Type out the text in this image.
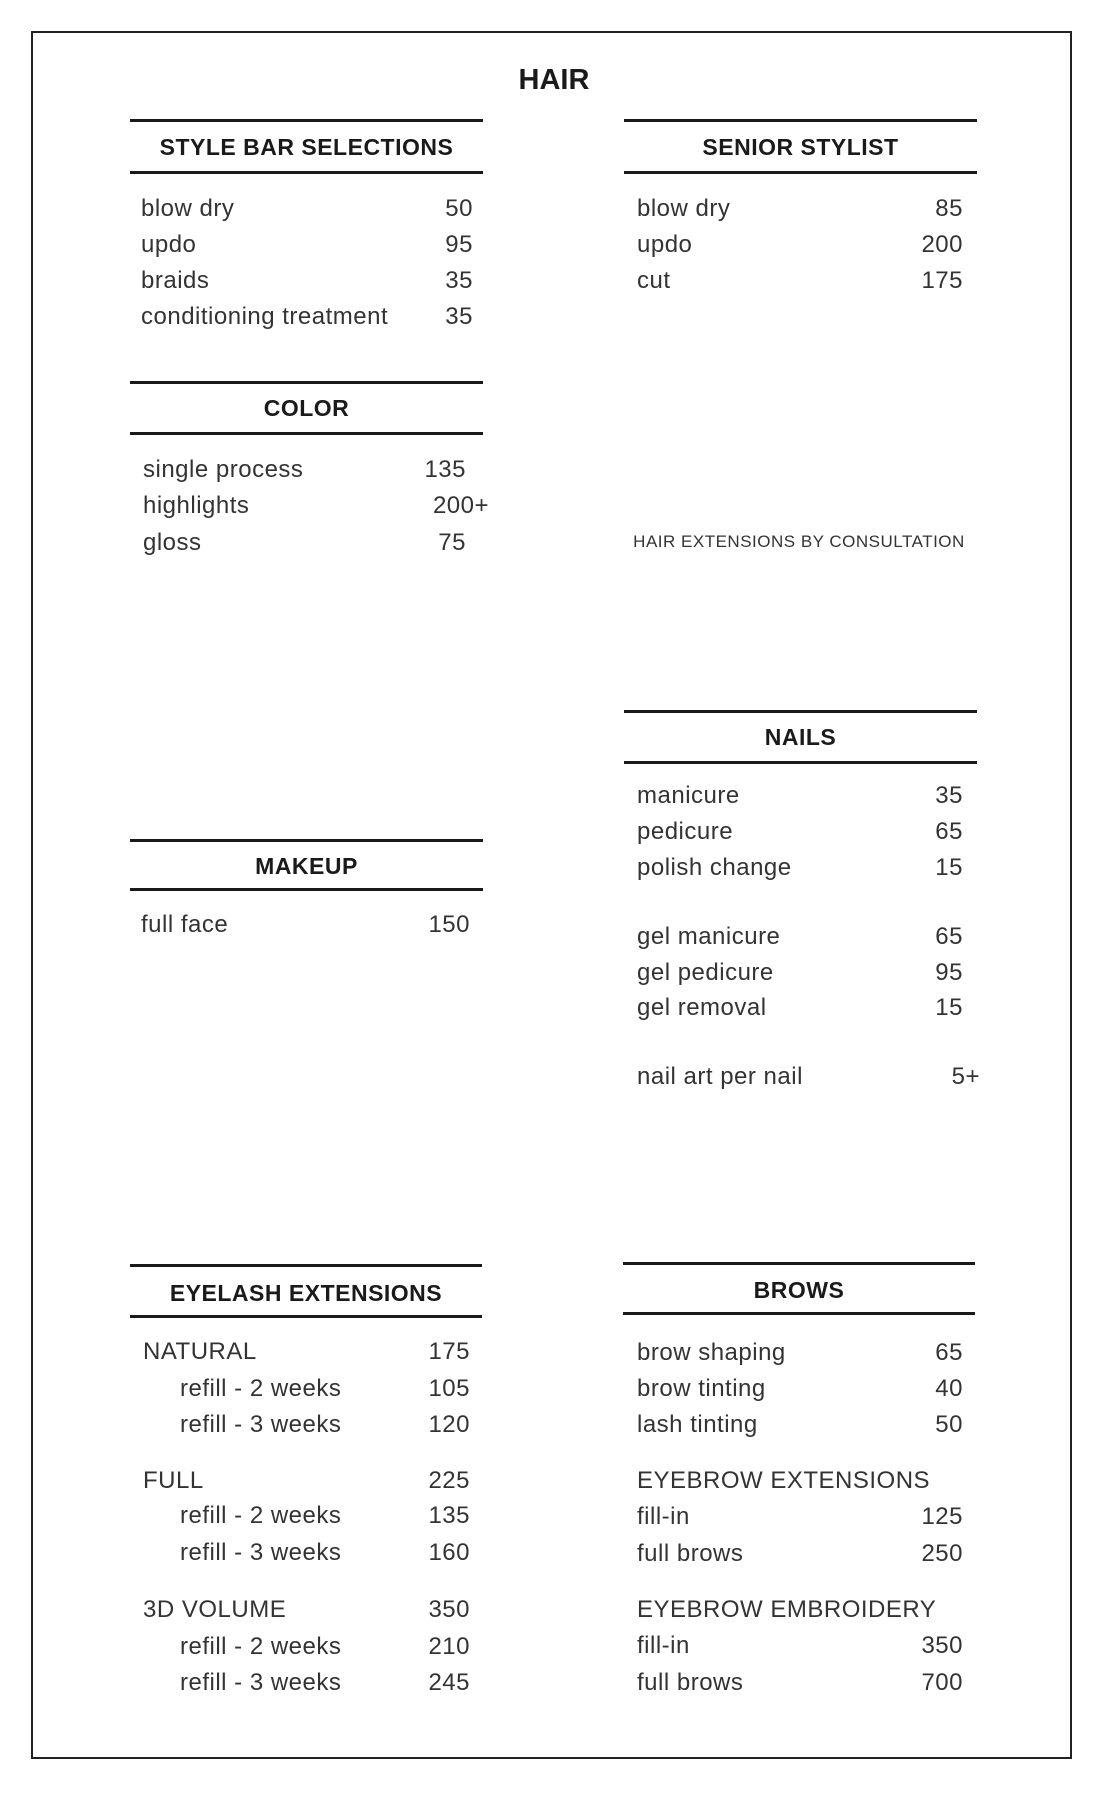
HAIR
STYLE BAR SELECTIONS
blow dry	50
updo	95
braids	35
conditioning treatment 35
SENIOR STYLIST
blow dry	85
updo	200
cut	175
COLOR
single process	135
highlights	200+
gloss	75
NAILS
manicure	35
pedicure	65
polish change	15
gel manicure	65
gel pedicure	95
gel removal	15
nail art per nail	5+
MAKEUP
full face	150
EYELASH EXTENSIONS
NATURAL	175
refill - 2 weeks	105
refill - 3 weeks	120
FULL	225
refill - 2 weeks	135
refill - 3 weeks	160
3D VOLUME	350
refill - 2 weeks	210
refill - 3 weeks	245
BROWS
brow shaping	65
brow tinting	40
lash tinting	50
EYEBROW EXTENSIONS
fill-in	125
full brows	250
EYEBROW EMBROIDERY
fill-in	350
full brows	700
HAIR EXTENSIONS BY CONSULTATION
